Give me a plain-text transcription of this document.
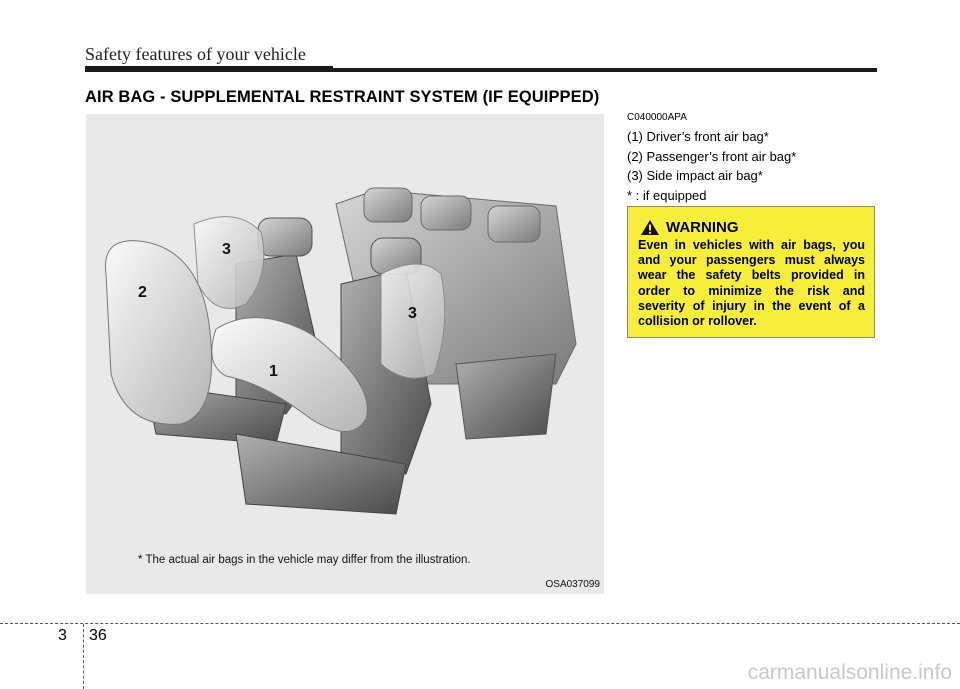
Safety features of your vehicle
AIR BAG - SUPPLEMENTAL RESTRAINT SYSTEM (IF EQUIPPED)
1
2
3
3
* The actual air bags in the vehicle may differ from the illustration.
OSA037099
C040000APA
(1) Driver’s front air bag*
(2) Passenger’s front air bag*
(3) Side impact air bag*
* : if equipped
WARNING
Even in vehicles with air bags, you and your passengers must always wear the safety belts provided in order to minimize the risk and severity of injury in the event of a collision or rollover.
3 36
carmanualsonline.info
